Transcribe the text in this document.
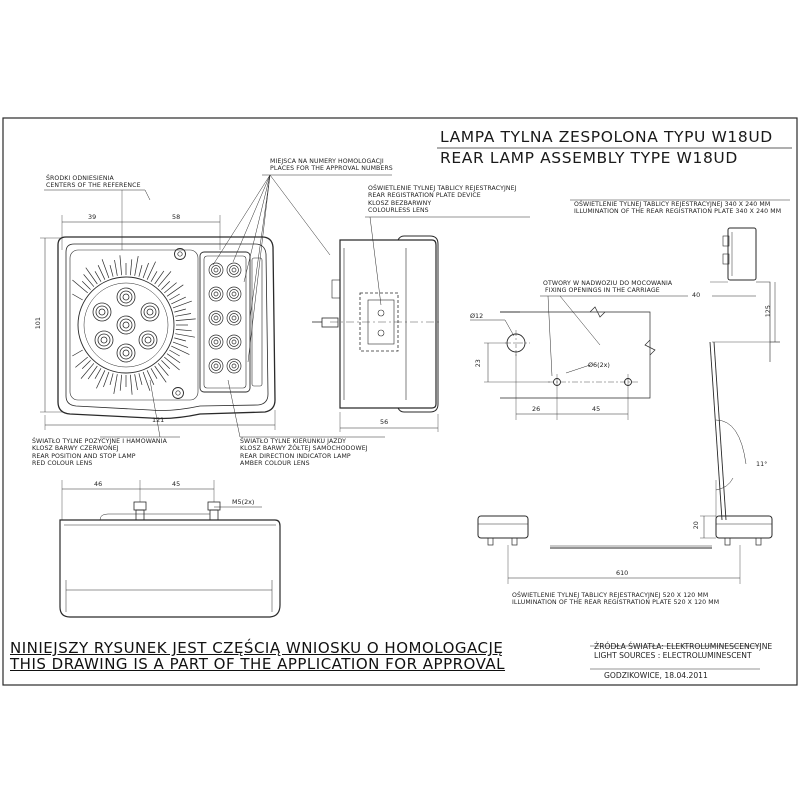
LAMPA TYLNA ZESPOLONA TYPU W18UD
REAR LAMP ASSEMBLY TYPE W18UD
ŚRODKI ODNIESIENIA
CENTERS OF THE REFERENCE
MIEJSCA NA NUMERY HOMOLOGACJI
PLACES FOR THE APPROVAL NUMBERS
OŚWIETLENIE TYLNEJ TABLICY REJESTRACYJNEJ
REAR REGISTRATION PLATE DEVICE
KLOSZ BEZBARWNY
COLOURLESS LENS
OŚWIETLENIE TYLNEJ TABLICY REJESTRACYJNEJ 340 X 240 MM
ILLUMINATION OF THE REAR REGISTRATION PLATE 340 X 240 MM
OTWORY W NADWOZIU DO MOCOWANIA
FIXING OPENINGS IN THE CARRIAGE
ŚWIATŁO TYLNE POZYCYJNE I HAMOWANIA
KLOSZ BARWY CZERWONEJ
REAR POSITION AND STOP LAMP
RED COLOUR LENS
ŚWIATŁO TYLNE KIERUNKU JAZDY
KLOSZ BARWY ŻÓŁTEJ SAMOCHODOWEJ
REAR DIRECTION INDICATOR LAMP
AMBER COLOUR LENS
OŚWIETLENIE TYLNEJ TABLICY REJESTRACYJNEJ 520 X 120 MM
ILLUMINATION OF THE REAR REGISTRATION PLATE 520 X 120 MM
39	58
101
121	56
Ø12
23	Ø6(2x)
26	45
40
125
11°
46	45
M5(2x)
20
610
NINIEJSZY RYSUNEK JEST CZĘŚCIĄ WNIOSKU O HOMOLOGACJĘ
THIS DRAWING IS A PART OF THE APPLICATION FOR APPROVAL
ŹRÓDŁA ŚWIATŁA: ELEKTROLUMINESCENCYJNE
LIGHT SOURCES : ELECTROLUMINESCENT
GODZIKOWICE, 18.04.2011
